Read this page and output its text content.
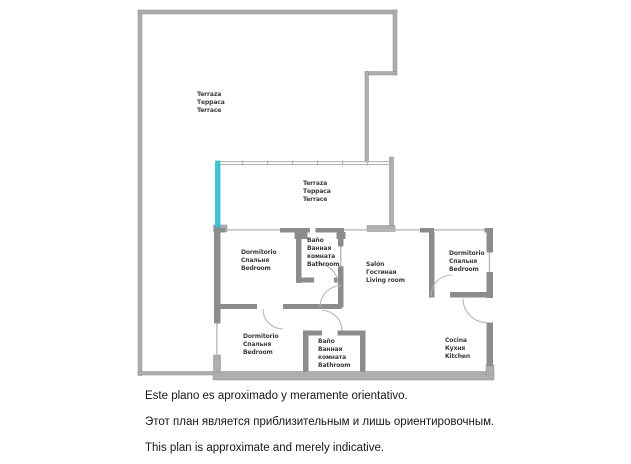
Terraza
Терраса
Terrace
Terraza
Терраса
Terrace
Dormitorio
Спальня
Bedroom
Baño
Ванная
комната
Bathroom	Salón
Гостиная
Living room
Dormitorio
Спальня
Bedroom
Dormitorio
Спальня
Bedroom
Baño
Ванная
комната
Bathroom
Cocina
Кухня
Kitchen
Este plano es aproximado y meramente orientativo.
Этот план является приблизительным и лишь ориентировочным.
This plan is approximate and merely indicative.
